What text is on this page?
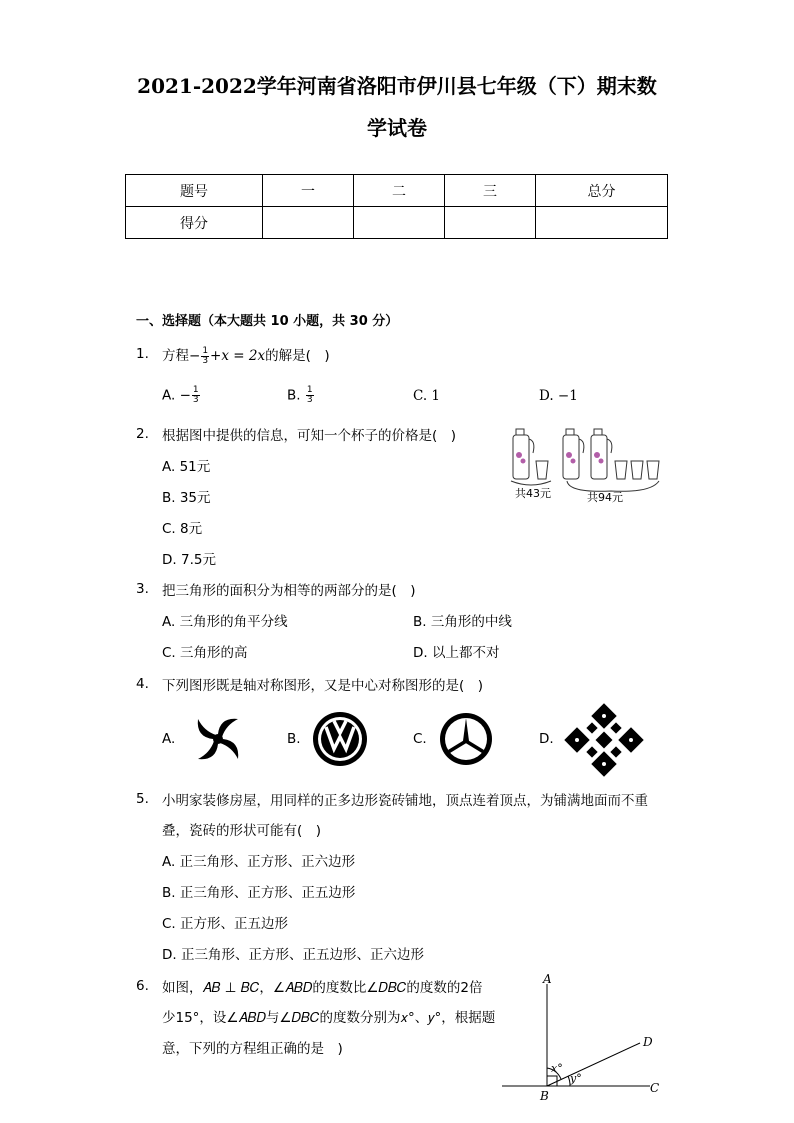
2021-2022学年河南省洛阳市伊川县七年级（下）期末数
学试卷
题号	一	二	三	总分
得分				
一、选择题（本大题共 10 小题，共 30 分）
1. 方程− $\frac{1}{3}$ +𝑥 = 2𝑥的解是(　)
A. − $\frac{1}{3}$	B. $\frac{1}{3}$	C. 1	D. −1
2. 根据图中提供的信息，可知一个杯子的价格是(　)
A. 51元
B. 35元
C. 8元
D. 7.5元
共43元	共94元
3. 把三角形的面积分为相等的两部分的是(　)
A. 三角形的角平分线	B. 三角形的中线
C. 三角形的高	D. 以上都不对
4. 下列图形既是轴对称图形，又是中心对称图形的是(　)
A.	B.	C.	D.
5. 小明家装修房屋，用同样的正多边形瓷砖铺地，顶点连着顶点，为铺满地面而不重
叠，瓷砖的形状可能有(　)
A. 正三角形、正方形、正六边形
B. 正三角形、正方形、正五边形
C. 正方形、正五边形
D. 正三角形、正方形、正五边形、正六边形
6. 如图，𝐴𝐵 ⊥ 𝐵𝐶，∠𝐴𝐵𝐷的度数比∠𝐷𝐵𝐶的度数的2倍
少15°，设∠𝐴𝐵𝐷与∠𝐷𝐵𝐶的度数分别为𝑥°、𝑦°，根据题
意，下列的方程组正确的是　)
A
B
C
D
x°
y°
